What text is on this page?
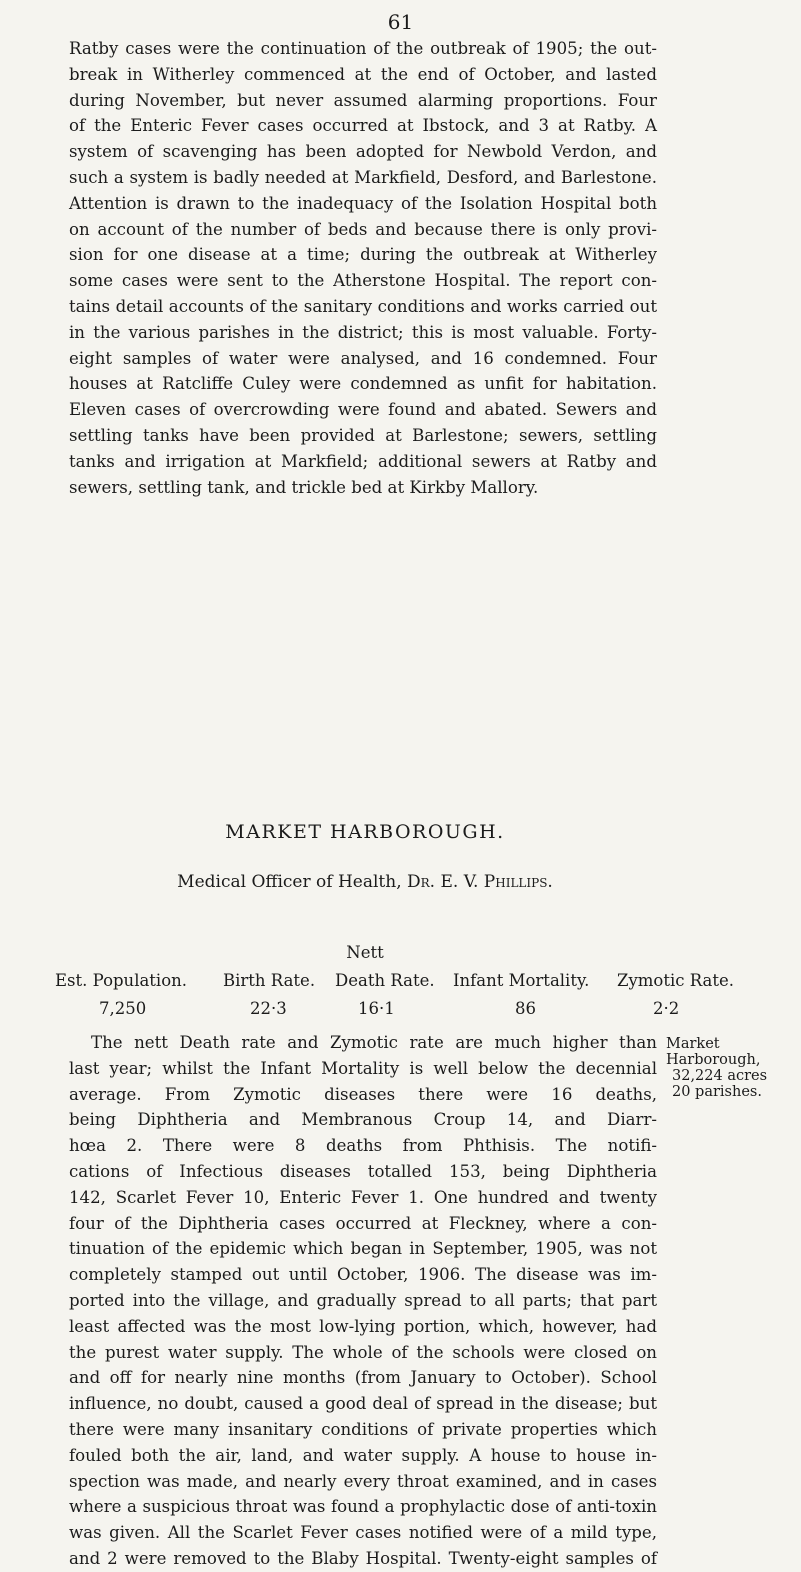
61
Ratby cases were the continuation of the outbreak of 1905; the out-
break in Witherley commenced at the end of October, and lasted
during November, but never assumed alarming proportions. Four
of the Enteric Fever cases occurred at Ibstock, and 3 at Ratby. A
system of scavenging has been adopted for Newbold Verdon, and
such a system is badly needed at Markfield, Desford, and Barlestone.
Attention is drawn to the inadequacy of the Isolation Hospital both
on account of the number of beds and because there is only provi-
sion for one disease at a time; during the outbreak at Witherley
some cases were sent to the Atherstone Hospital. The report con-
tains detail accounts of the sanitary conditions and works carried out
in the various parishes in the district; this is most valuable. Forty-
eight samples of water were analysed, and 16 condemned. Four
houses at Ratcliffe Culey were condemned as unfit for habitation.
Eleven cases of overcrowding were found and abated. Sewers and
settling tanks have been provided at Barlestone; sewers, settling
tanks and irrigation at Markfield; additional sewers at Ratby and
sewers, settling tank, and trickle bed at Kirkby Mallory.
MARKET HARBOROUGH.
Medical Officer of Health, Dr. E. V. Phillips.
Nett
Est. Population. Birth Rate. Death Rate. Infant Mortality. Zymotic Rate.
7,250	22·3	16·1	86	2·2
Market
Harborough,
32,224 acres
20 parishes.
The nett Death rate and Zymotic rate are much higher than
last year; whilst the Infant Mortality is well below the decennial
average. From Zymotic diseases there were 16 deaths,
being Diphtheria and Membranous Croup 14, and Diarr-
hœa 2. There were 8 deaths from Phthisis. The notifi-
cations of Infectious diseases totalled 153, being Diphtheria
142, Scarlet Fever 10, Enteric Fever 1. One hundred and twenty
four of the Diphtheria cases occurred at Fleckney, where a con-
tinuation of the epidemic which began in September, 1905, was not
completely stamped out until October, 1906. The disease was im-
ported into the village, and gradually spread to all parts; that part
least affected was the most low-lying portion, which, however, had
the purest water supply. The whole of the schools were closed on
and off for nearly nine months (from January to October). School
influence, no doubt, caused a good deal of spread in the disease; but
there were many insanitary conditions of private properties which
fouled both the air, land, and water supply. A house to house in-
spection was made, and nearly every throat examined, and in cases
where a suspicious throat was found a prophylactic dose of anti-toxin
was given. All the Scarlet Fever cases notified were of a mild type,
and 2 were removed to the Blaby Hospital. Twenty-eight samples of
